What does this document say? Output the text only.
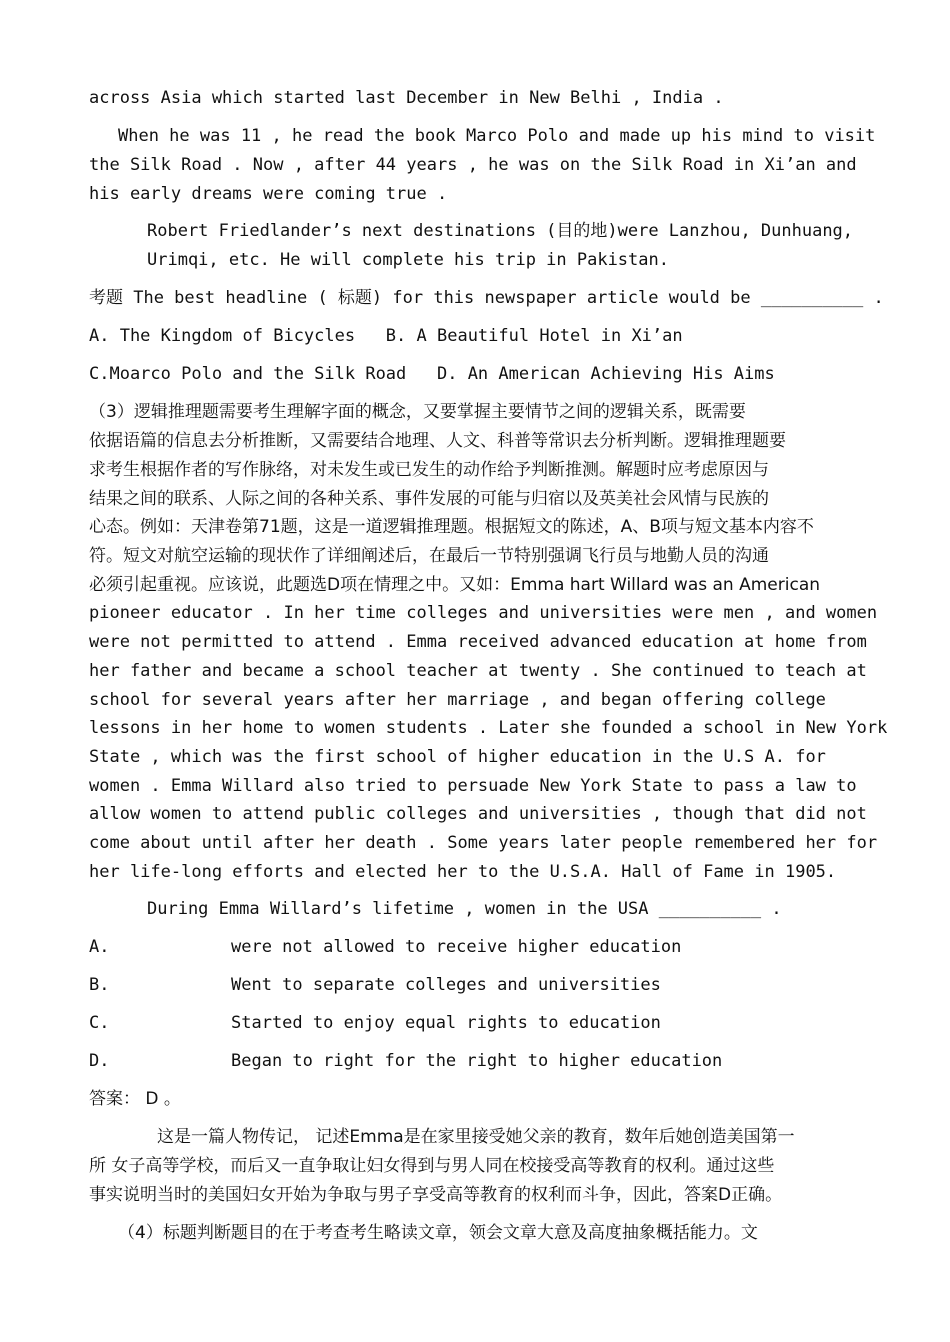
across Asia which started last December in New Belhi , India .
When he was 11 , he read the book Marco Polo and made up his mind to visit
the Silk Road . Now , after 44 years , he was on the Silk Road in Xi’an and
his early dreams were coming true .
Robert Friedlander’s next destinations (目的地)were Lanzhou, Dunhuang,
Urimqi, etc. He will complete his trip in Pakistan.
考题 The best headline ( 标题) for this newspaper article would be __________ .
A. The Kingdom of Bicycles   B. A Beautiful Hotel in Xi’an
C.Moarco Polo and the Silk Road   D. An American Achieving His Aims
（3）逻辑推理题需要考生理解字面的概念，又要掌握主要情节之间的逻辑关系，既需要
依据语篇的信息去分析推断，又需要结合地理、人文、科普等常识去分析判断。逻辑推理题要
求考生根据作者的写作脉络，对未发生或已发生的动作给予判断推测。解题时应考虑原因与
结果之间的联系、人际之间的各种关系、事件发展的可能与归宿以及英美社会风情与民族的
心态。例如：天津卷第71题，这是一道逻辑推理题。根据短文的陈述，A、B项与短文基本内容不
符。短文对航空运输的现状作了详细阐述后，在最后一节特别强调飞行员与地勤人员的沟通
必须引起重视。应该说，此题选D项在情理之中。又如：Emma hart Willard was an American
pioneer educator . In her time colleges and universities were men , and women
were not permitted to attend . Emma received advanced education at home from
her father and became a school teacher at twenty . She continued to teach at
school for several years after her marriage , and began offering college
lessons in her home to women students . Later she founded a school in New York
State , which was the first school of higher education in the U.S A. for
women . Emma Willard also tried to persuade New York State to pass a law to
allow women to attend public colleges and universities , though that did not
come about until after her death . Some years later people remembered her for
her life-long efforts and elected her to the U.S.A. Hall of Fame in 1905.
During Emma Willard’s lifetime , women in the USA __________ .
A.	were not allowed to receive higher education
B.	Went to separate colleges and universities
C.	Started to enjoy equal rights to education
D.	Began to right for the right to higher education
答案： D 。
这是一篇人物传记， 记述Emma是在家里接受她父亲的教育，数年后她创造美国第一
所 女子高等学校，而后又一直争取让妇女得到与男人同在校接受高等教育的权利。通过这些
事实说明当时的美国妇女开始为争取与男子享受高等教育的权利而斗争，因此，答案D正确。
（4）标题判断题目的在于考查考生略读文章，领会文章大意及高度抽象概括能力。文
